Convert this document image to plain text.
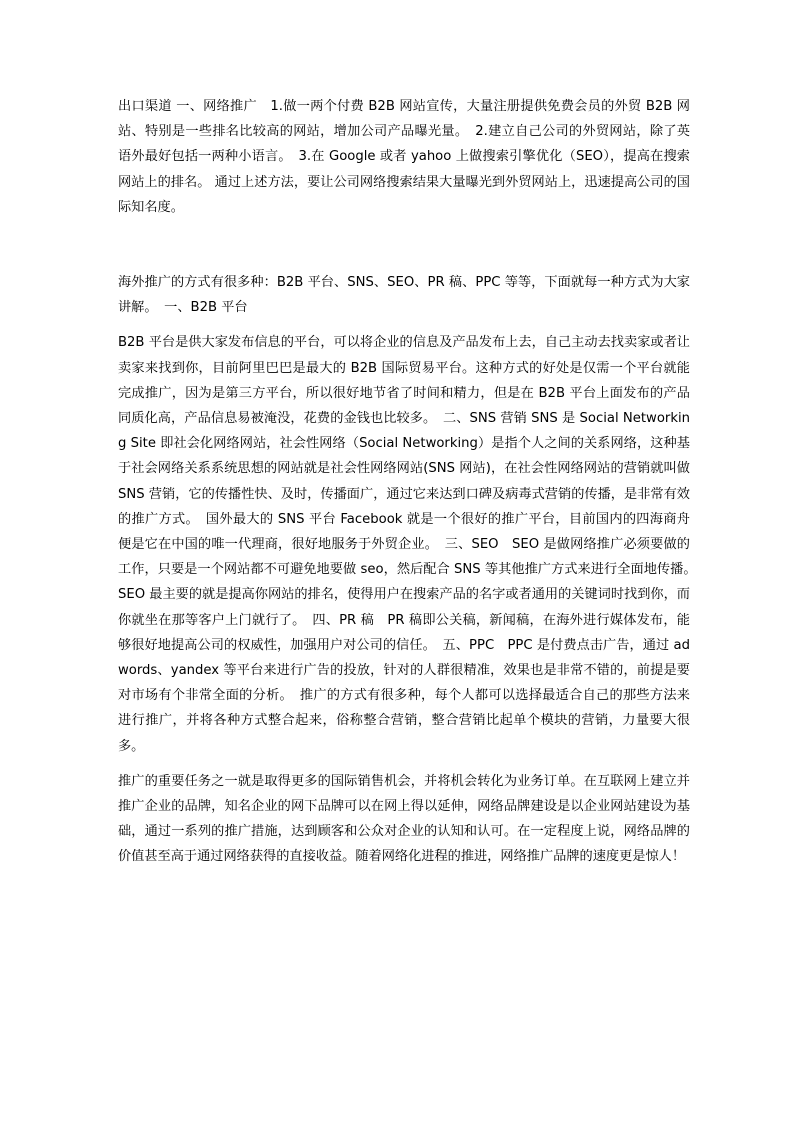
出口渠道 一、网络推广　1.做一两个付费 B2B 网站宣传，大量注册提供免费会员的外贸 B2B 网站、特别是一些排名比较高的网站，增加公司产品曝光量。　2.建立自己公司的外贸网站，除了英语外最好包括一两种小语言。　3.在 Google 或者 yahoo 上做搜索引擎优化（SEO），提高在搜索网站上的排名。 通过上述方法，要让公司网络搜索结果大量曝光到外贸网站上，迅速提高公司的国际知名度。

海外推广的方式有很多种：B2B 平台、SNS、SEO、PR 稿、PPC 等等，下面就每一种方式为大家讲解。　一、B2B 平台

B2B 平台是供大家发布信息的平台，可以将企业的信息及产品发布上去，自己主动去找卖家或者让卖家来找到你，目前阿里巴巴是最大的 B2B 国际贸易平台。这种方式的好处是仅需一个平台就能完成推广，因为是第三方平台，所以很好地节省了时间和精力，但是在 B2B 平台上面发布的产品同质化高，产品信息易被淹没，花费的金钱也比较多。　二、SNS 营销 SNS 是 Social Networking Site 即社会化网络网站，社会性网络（Social Networking）是指个人之间的关系网络，这种基于社会网络关系系统思想的网站就是社会性网络网站(SNS 网站)，在社会性网络网站的营销就叫做 SNS 营销，它的传播性快、及时，传播面广，通过它来达到口碑及病毒式营销的传播，是非常有效的推广方式。　国外最大的 SNS 平台 Facebook 就是一个很好的推广平台，目前国内的四海商舟便是它在中国的唯一代理商，很好地服务于外贸企业。　三、SEO　SEO 是做网络推广必须要做的工作，只要是一个网站都不可避免地要做 seo，然后配合 SNS 等其他推广方式来进行全面地传播。　SEO 最主要的就是提高你网站的排名，使得用户在搜索产品的名字或者通用的关键词时找到你，而你就坐在那等客户上门就行了。　四、PR 稿　PR 稿即公关稿，新闻稿，在海外进行媒体发布，能够很好地提高公司的权威性，加强用户对公司的信任。　五、PPC　PPC 是付费点击广告，通过 adwords、yandex 等平台来进行广告的投放，针对的人群很精准，效果也是非常不错的，前提是要对市场有个非常全面的分析。　推广的方式有很多种，每个人都可以选择最适合自己的那些方法来进行推广，并将各种方式整合起来，俗称整合营销，整合营销比起单个模块的营销，力量要大很多。

推广的重要任务之一就是取得更多的国际销售机会，并将机会转化为业务订单。在互联网上建立并推广企业的品牌，知名企业的网下品牌可以在网上得以延伸，网络品牌建设是以企业网站建设为基础，通过一系列的推广措施，达到顾客和公众对企业的认知和认可。在一定程度上说，网络品牌的价值甚至高于通过网络获得的直接收益。随着网络化进程的推进，网络推广品牌的速度更是惊人！
